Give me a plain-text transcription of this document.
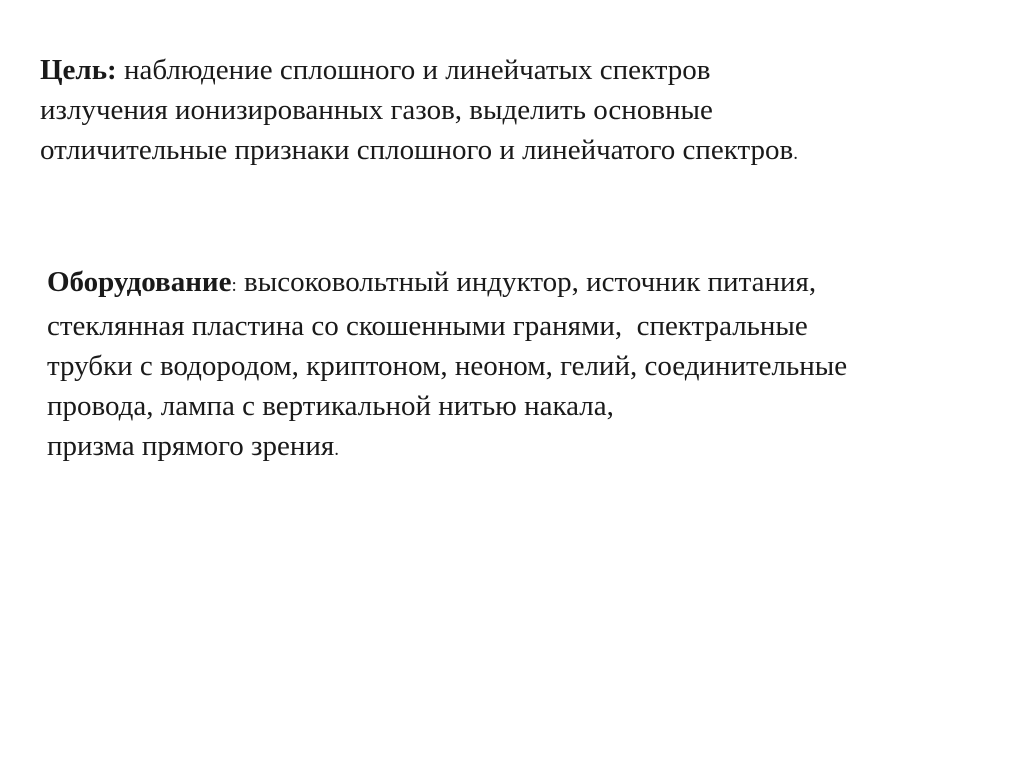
Цель: наблюдение сплошного и линейчатых спектров
излучения ионизированных газов, выделить основные
отличительные признаки сплошного и линейчатого спектров.
Оборудование: высоковольтный индуктор, источник питания,
стеклянная пластина со скошенными гранями,  спектральные
трубки с водородом, криптоном, неоном, гелий, соединительные
провода, лампа с вертикальной нитью накала,
призма прямого зрения.
